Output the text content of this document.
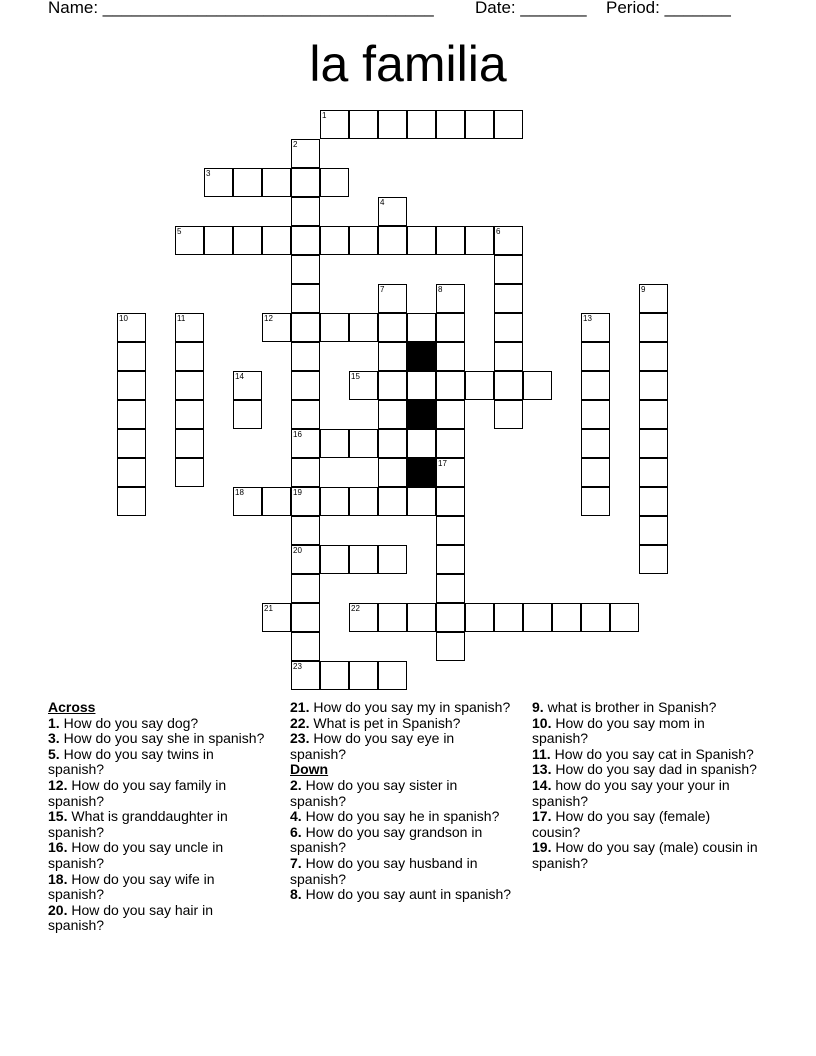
Name: ___________________________________ Date: _______ Period: _______
la familia
1
2
16
19
20
23
3
4
5	6
7	8
17
9
10	11	12	13
14	15
18
21	22
Across
1. How do you say dog?
3. How do you say she in spanish?
5. How do you say twins in spanish?
12. How do you say family in spanish?
15. What is granddaughter in spanish?
16. How do you say uncle in spanish?
18. How do you say wife in spanish?
20. How do you say hair in spanish?
21. How do you say my in spanish?
22. What is pet in Spanish?
23. How do you say eye in spanish?
Down
2. How do you say sister in spanish?
4. How do you say he in spanish?
6. How do you say grandson in spanish?
7. How do you say husband in spanish?
8. How do you say aunt in spanish?
9. what is brother in Spanish?
10. How do you say mom in spanish?
11. How do you say cat in Spanish?
13. How do you say dad in spanish?
14. how do you say your your in spanish?
17. How do you say (female) cousin?
19. How do you say (male) cousin in spanish?
